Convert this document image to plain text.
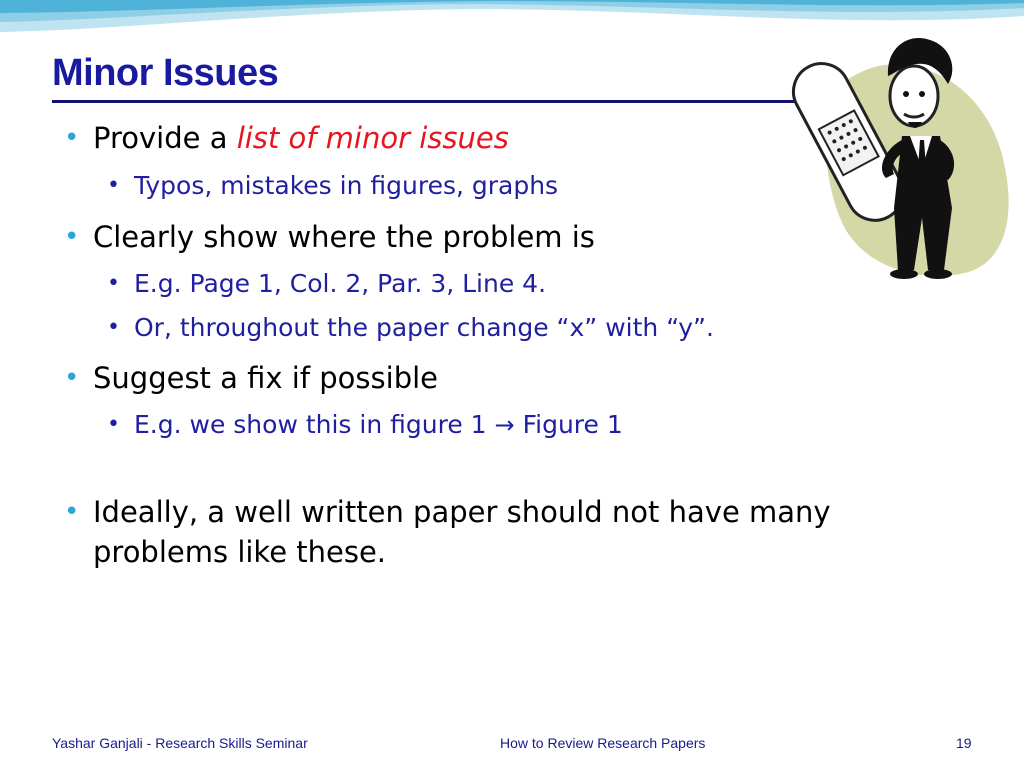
Minor Issues

• Provide a list of minor issues

• Typos, mistakes in figures, graphs

• Clearly show where the problem is

• E.g. Page 1, Col. 2, Par. 3, Line 4.

• Or, throughout the paper change “x” with “y”.

• Suggest a fix if possible

• E.g. we show this in figure 1 → Figure 1

• Ideally, a well written paper should not have many problems like these.

Yashar Ganjali - Research Skills Seminar	How to Review Research Papers	19
